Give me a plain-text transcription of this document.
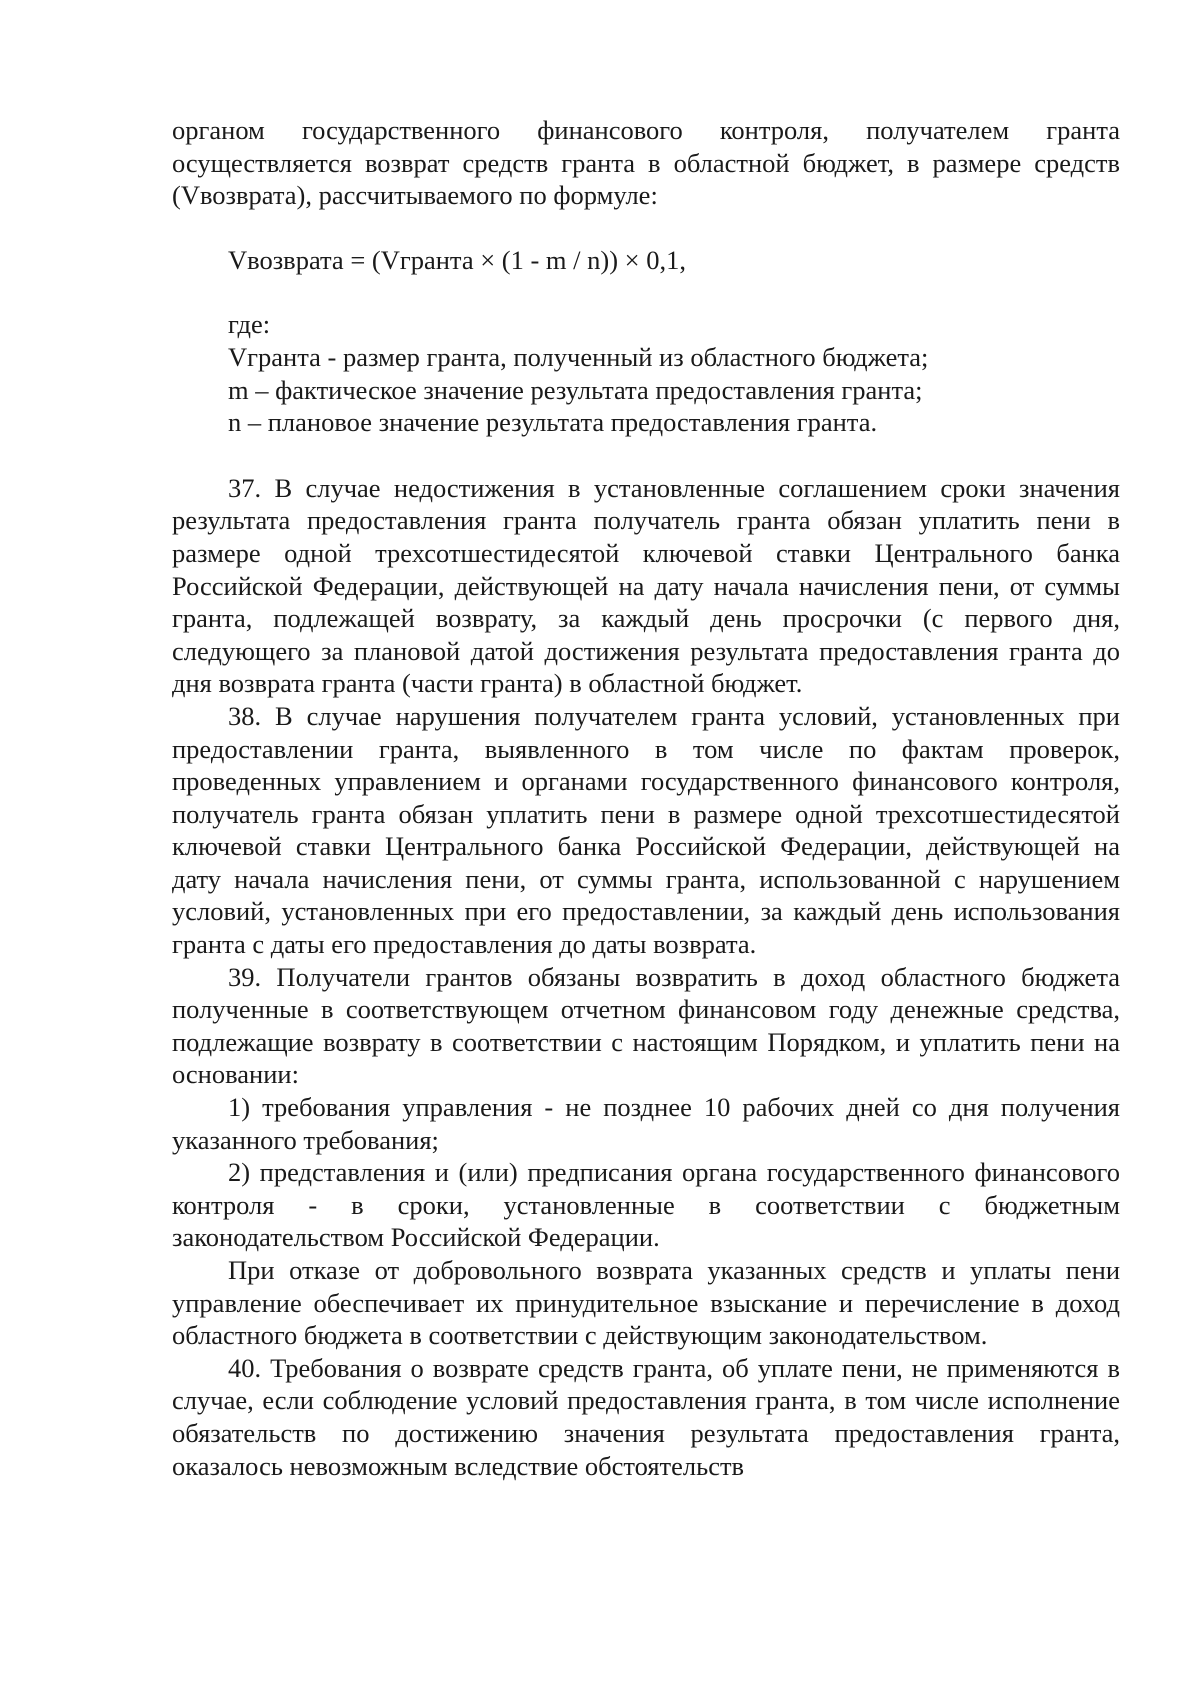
органом государственного финансового контроля, получателем гранта осуществляется возврат средств гранта в областной бюджет, в размере средств (Vвозврата), рассчитываемого по формуле:

Vвозврата = (Vгранта × (1 - m / n)) × 0,1,

где:

Vгранта - размер гранта, полученный из областного бюджета;

m – фактическое значение результата предоставления гранта;

n – плановое значение результата предоставления гранта.

37. В случае недостижения в установленные соглашением сроки значения результата предоставления гранта получатель гранта обязан уплатить пени в размере одной трехсотшестидесятой ключевой ставки Центрального банка Российской Федерации, действующей на дату начала начисления пени, от суммы гранта, подлежащей возврату, за каждый день просрочки (с первого дня, следующего за плановой датой достижения результата предоставления гранта до дня возврата гранта (части гранта) в областной бюджет.

38. В случае нарушения получателем гранта условий, установленных при предоставлении гранта, выявленного в том числе по фактам проверок, проведенных управлением и органами государственного финансового контроля, получатель гранта обязан уплатить пени в размере одной трехсотшестидесятой ключевой ставки Центрального банка Российской Федерации, действующей на дату начала начисления пени, от суммы гранта, использованной с нарушением условий, установленных при его предоставлении, за каждый день использования гранта с даты его предоставления до даты возврата.

39. Получатели грантов обязаны возвратить в доход областного бюджета полученные в соответствующем отчетном финансовом году денежные средства, подлежащие возврату в соответствии с настоящим Порядком, и уплатить пени на основании:

1) требования управления - не позднее 10 рабочих дней со дня получения указанного требования;

2) представления и (или) предписания органа государственного финансового контроля - в сроки, установленные в соответствии с бюджетным законодательством Российской Федерации.

При отказе от добровольного возврата указанных средств и уплаты пени управление обеспечивает их принудительное взыскание и перечисление в доход областного бюджета в соответствии с действующим законодательством.

40. Требования о возврате средств гранта, об уплате пени, не применяются в случае, если соблюдение условий предоставления гранта, в том числе исполнение обязательств по достижению значения результата предоставления гранта, оказалось невозможным вследствие обстоятельств
